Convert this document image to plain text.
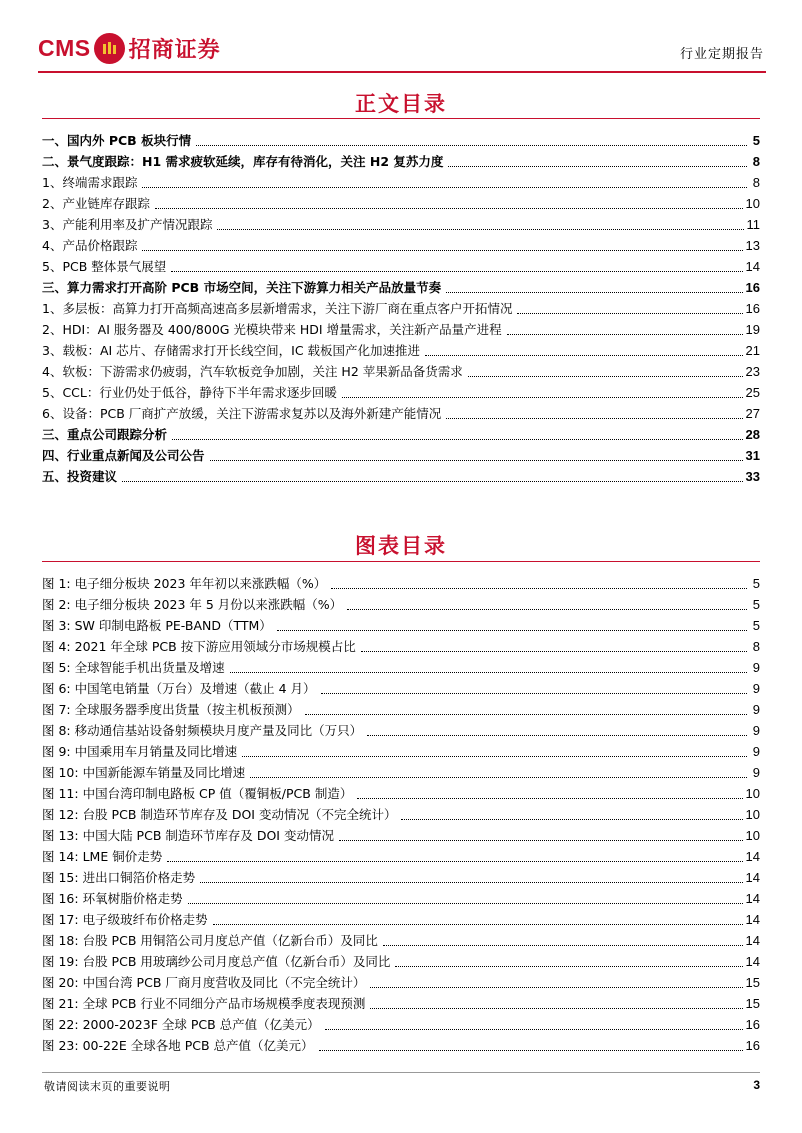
CMS 招商证券	行业定期报告
正文目录
一、国内外 PCB 板块行情	5
二、景气度跟踪：H1 需求疲软延续，库存有待消化，关注 H2 复苏力度	8
1、终端需求跟踪	8
2、产业链库存跟踪	10
3、产能利用率及扩产情况跟踪	11
4、产品价格跟踪	13
5、PCB 整体景气展望	14
三、算力需求打开高阶 PCB 市场空间，关注下游算力相关产品放量节奏	16
1、多层板：高算力打开高频高速高多层新增需求，关注下游厂商在重点客户开拓情况	16
2、HDI：AI 服务器及 400/800G 光模块带来 HDI 增量需求，关注新产品量产进程	19
3、载板：AI 芯片、存储需求打开长线空间，IC 载板国产化加速推进	21
4、软板：下游需求仍疲弱，汽车软板竞争加剧，关注 H2 苹果新品备货需求	23
5、CCL：行业仍处于低谷，静待下半年需求逐步回暖	25
6、设备：PCB 厂商扩产放缓，关注下游需求复苏以及海外新建产能情况	27
三、重点公司跟踪分析	28
四、行业重点新闻及公司公告	31
五、投资建议	33
图表目录
图 1: 电子细分板块 2023 年年初以来涨跌幅（%）	5
图 2: 电子细分板块 2023 年 5 月份以来涨跌幅（%）	5
图 3: SW 印制电路板 PE-BAND（TTM）	5
图 4: 2021 年全球 PCB 按下游应用领域分市场规模占比	8
图 5: 全球智能手机出货量及增速	9
图 6: 中国笔电销量（万台）及增速（截止 4 月）	9
图 7: 全球服务器季度出货量（按主机板预测）	9
图 8: 移动通信基站设备射频模块月度产量及同比（万只）	9
图 9: 中国乘用车月销量及同比增速	9
图 10: 中国新能源车销量及同比增速	9
图 11: 中国台湾印制电路板 CP 值（覆铜板/PCB 制造）	10
图 12: 台股 PCB 制造环节库存及 DOI 变动情况（不完全统计）	10
图 13: 中国大陆 PCB 制造环节库存及 DOI 变动情况	10
图 14: LME 铜价走势	14
图 15: 进出口铜箔价格走势	14
图 16: 环氧树脂价格走势	14
图 17: 电子级玻纤布价格走势	14
图 18: 台股 PCB 用铜箔公司月度总产值（亿新台币）及同比	14
图 19: 台股 PCB 用玻璃纱公司月度总产值（亿新台币）及同比	14
图 20: 中国台湾 PCB 厂商月度营收及同比（不完全统计）	15
图 21: 全球 PCB 行业不同细分产品市场规模季度表现预测	15
图 22: 2000-2023F 全球 PCB 总产值（亿美元）	16
图 23: 00-22E 全球各地 PCB 总产值（亿美元）	16
敬请阅读末页的重要说明	3
